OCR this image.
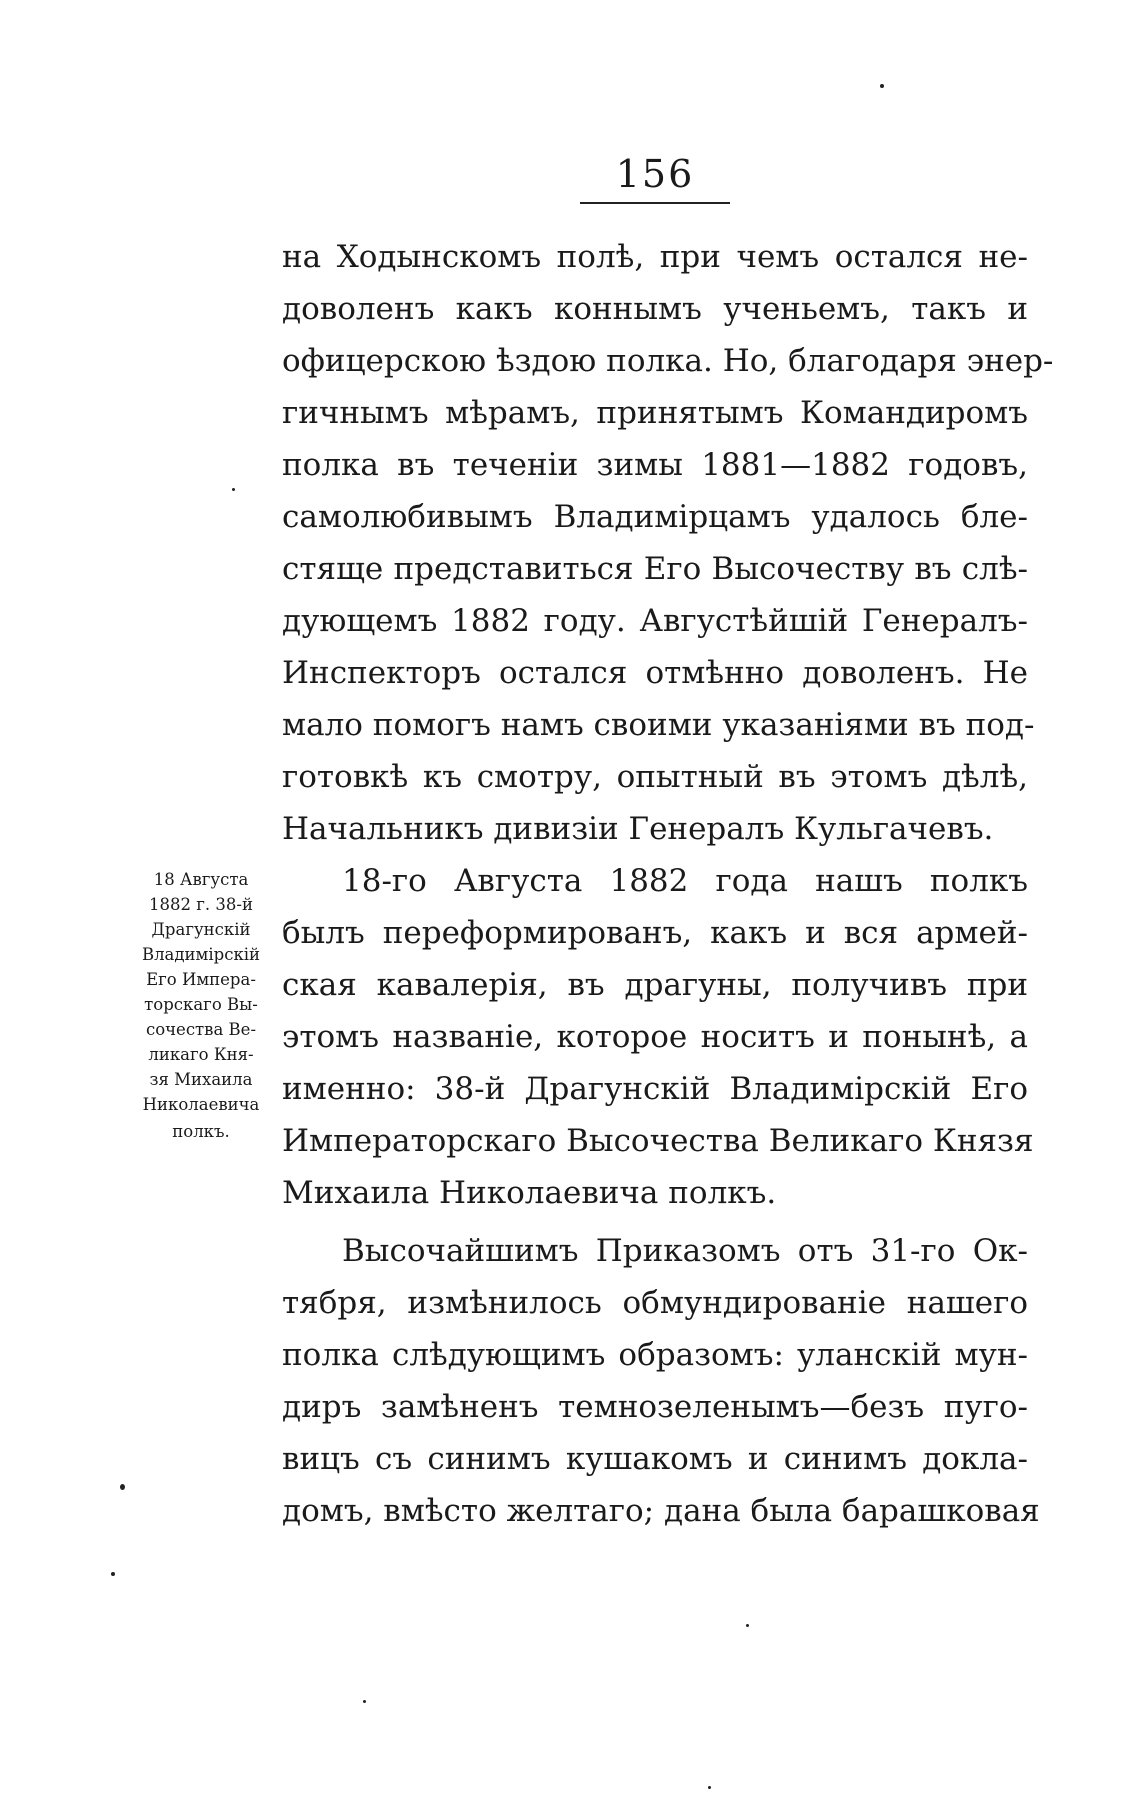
156
18 Августа
1882 г. 38-й
Драгунскій
Владимірскій
Его Импера-
торскаго Вы-
сочества Ве-
ликаго Кня-
зя Михаила
Николаевича
полкъ.
на Ходынскомъ полѣ, при чемъ остался не-
доволенъ какъ коннымъ ученьемъ, такъ и
офицерскою ѣздою полка. Но, благодаря энер-
гичнымъ мѣрамъ, принятымъ Командиромъ
полка въ теченіи зимы 1881—1882 годовъ,
самолюбивымъ Владимірцамъ удалось бле-
стяще представиться Его Высочеству въ слѣ-
дующемъ 1882 году. Августѣйшій Генералъ-
Инспекторъ остался отмѣнно доволенъ. Не
мало помогъ намъ своими указаніями въ под-
готовкѣ къ смотру, опытный въ этомъ дѣлѣ,
Начальникъ дивизіи Генералъ Кульгачевъ.
18-го Августа 1882 года нашъ полкъ
былъ переформированъ, какъ и вся армей-
ская кавалерія, въ драгуны, получивъ при
этомъ названіе, которое носитъ и понынѣ, а
именно: 38-й Драгунскій Владимірскій Его
Императорскаго Высочества Великаго Князя
Михаила Николаевича полкъ.
Высочайшимъ Приказомъ отъ 31-го Ок-
тября, измѣнилось обмундированіе нашего
полка слѣдующимъ образомъ: уланскій мун-
диръ замѣненъ темнозеленымъ—безъ пуго-
вицъ съ синимъ кушакомъ и синимъ докла-
домъ, вмѣсто желтаго; дана была барашковая
